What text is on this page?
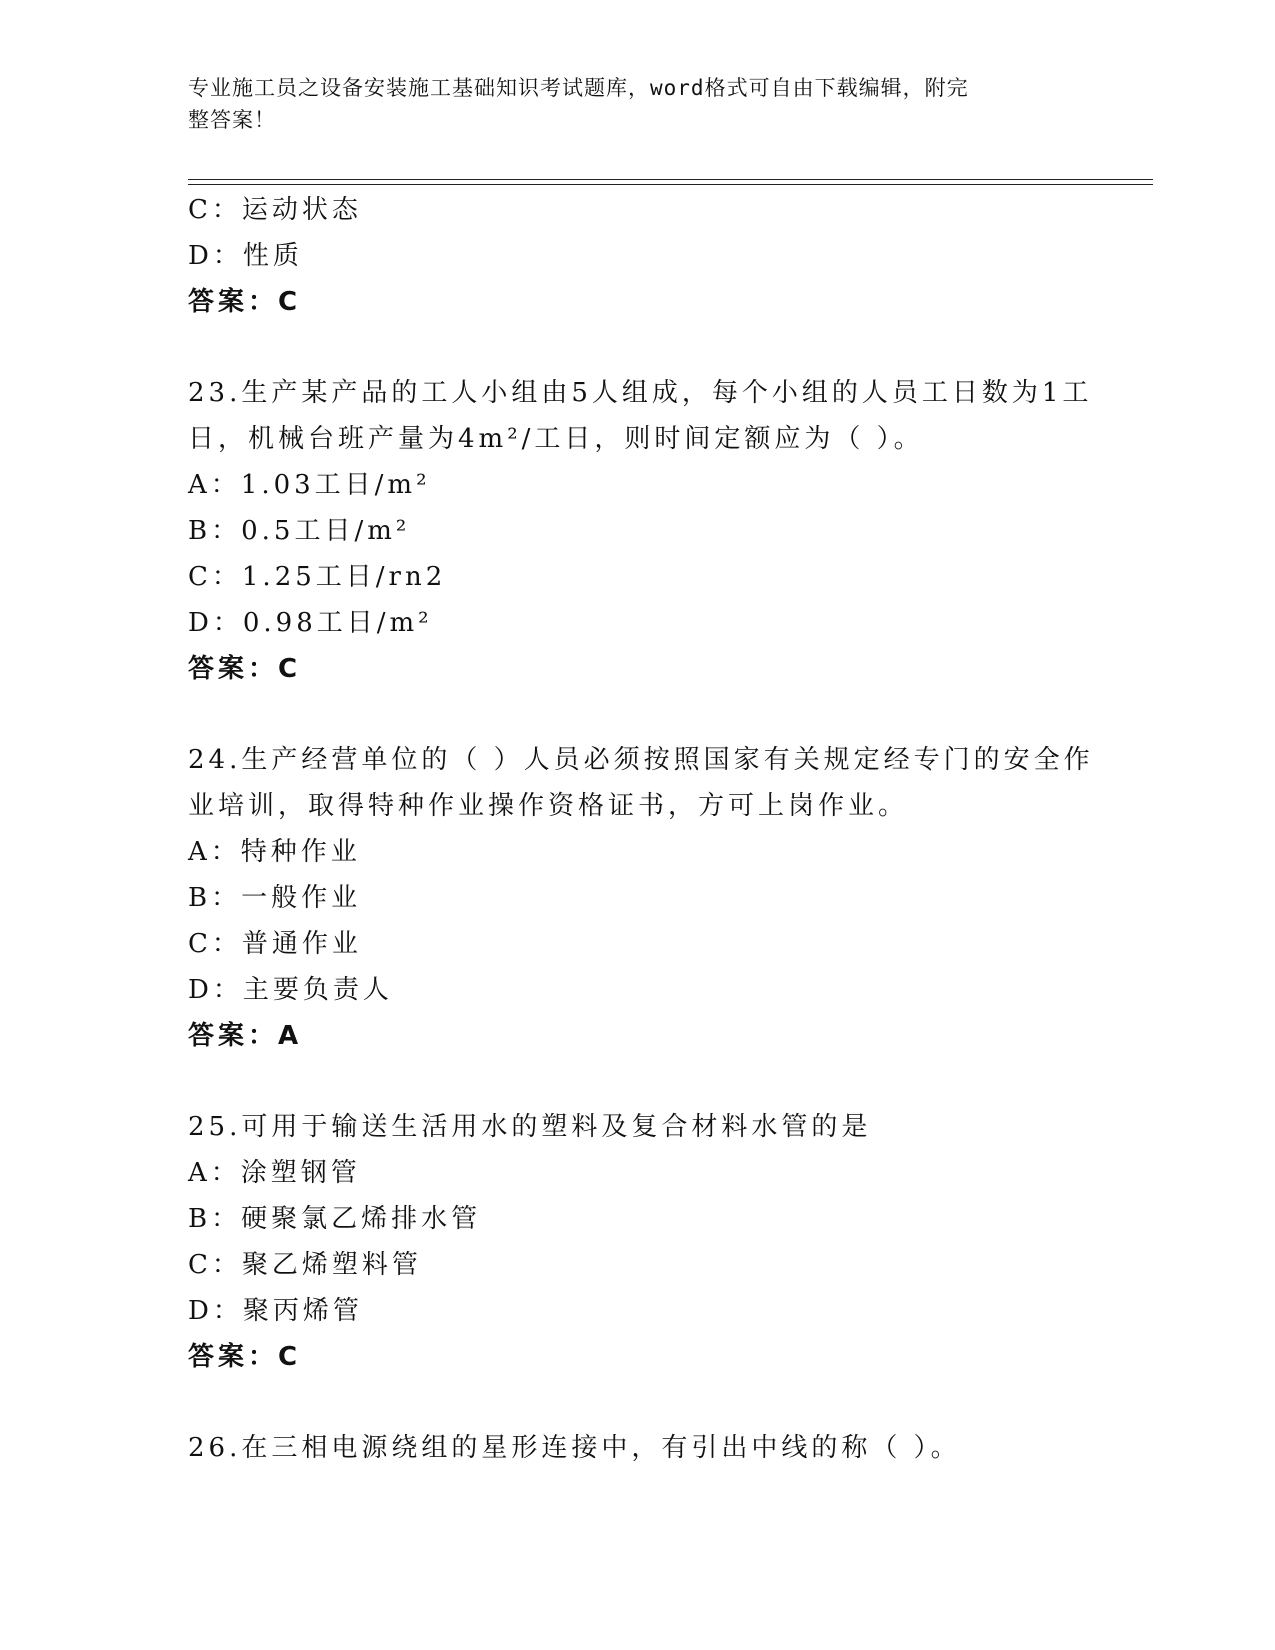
专业施工员之设备安装施工基础知识考试题库，word格式可自由下载编辑，附完
整答案！
C：运动状态
D：性质
答案：C
23.生产某产品的工人小组由5人组成，每个小组的人员工日数为1工
日，机械台班产量为4m²/工日，则时间定额应为（ ）。
A：1.03工日/m²
B：0.5工日/m²
C：1.25工日/rn2
D：0.98工日/m²
答案：C
24.生产经营单位的（ ）人员必须按照国家有关规定经专门的安全作
业培训，取得特种作业操作资格证书，方可上岗作业。
A：特种作业
B：一般作业
C：普通作业
D：主要负责人
答案：A
25.可用于输送生活用水的塑料及复合材料水管的是
A：涂塑钢管
B：硬聚氯乙烯排水管
C：聚乙烯塑料管
D：聚丙烯管
答案：C
26.在三相电源绕组的星形连接中，有引出中线的称（ ）。
